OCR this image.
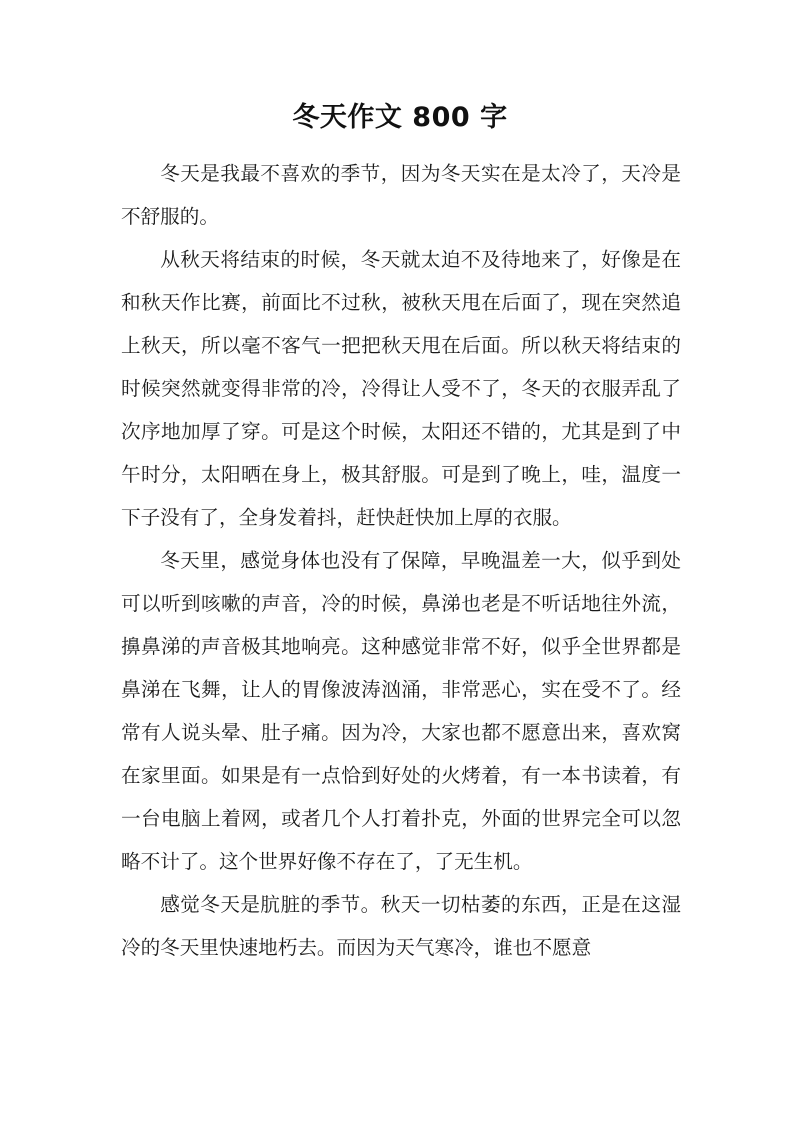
冬天作文 800 字

冬天是我最不喜欢的季节，因为冬天实在是太冷了，天冷是不舒服的。

从秋天将结束的时候，冬天就太迫不及待地来了，好像是在和秋天作比赛，前面比不过秋，被秋天甩在后面了，现在突然追上秋天，所以毫不客气一把把秋天甩在后面。所以秋天将结束的时候突然就变得非常的冷，冷得让人受不了，冬天的衣服弄乱了次序地加厚了穿。可是这个时候，太阳还不错的，尤其是到了中午时分，太阳晒在身上，极其舒服。可是到了晚上，哇，温度一下子没有了，全身发着抖，赶快赶快加上厚的衣服。

冬天里，感觉身体也没有了保障，早晚温差一大，似乎到处可以听到咳嗽的声音，冷的时候，鼻涕也老是不听话地往外流，擤鼻涕的声音极其地响亮。这种感觉非常不好，似乎全世界都是鼻涕在飞舞，让人的胃像波涛汹涌，非常恶心，实在受不了。经常有人说头晕、肚子痛。因为冷，大家也都不愿意出来，喜欢窝在家里面。如果是有一点恰到好处的火烤着，有一本书读着，有一台电脑上着网，或者几个人打着扑克，外面的世界完全可以忽略不计了。这个世界好像不存在了，了无生机。

感觉冬天是肮脏的季节。秋天一切枯萎的东西，正是在这湿冷的冬天里快速地朽去。而因为天气寒冷，谁也不愿意
